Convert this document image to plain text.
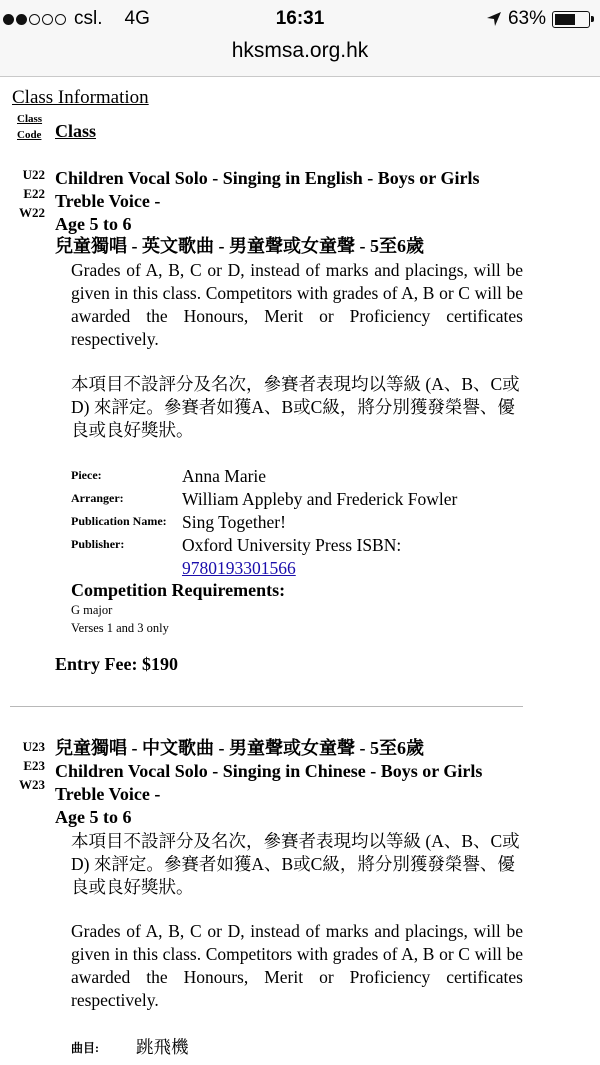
csl. 4G	16:31	63%
hksmsa.org.hk
Class Information
Class
Code Class
U22
E22
W22
Children Vocal Solo - Singing in English - Boys or Girls
Treble Voice -
Age 5 to 6
兒童獨唱 - 英文歌曲 - 男童聲或女童聲 - 5至6歲
Grades of A, B, C or D, instead of marks and placings, will be given in this class. Competitors with grades of A, B or C will be awarded the Honours, Merit or Proficiency certificates respectively.
本項目不設評分及名次，參賽者表現均以等級 (A、B、C或D) 來評定。參賽者如獲A、B或C級，將分別獲發榮譽、優良或良好獎狀。
Piece:	Anna Marie
Arranger:	William Appleby and Frederick Fowler
Publication Name: Sing Together!
Publisher:	Oxford University Press ISBN:
9780193301566
Competition Requirements:
G major
Verses 1 and 3 only
Entry Fee: $190
U23
E23
W23
兒童獨唱 - 中文歌曲 - 男童聲或女童聲 - 5至6歲
Children Vocal Solo - Singing in Chinese - Boys or Girls
Treble Voice -
Age 5 to 6
本項目不設評分及名次，參賽者表現均以等級 (A、B、C或D) 來評定。參賽者如獲A、B或C級，將分別獲發榮譽、優良或良好獎狀。
Grades of A, B, C or D, instead of marks and placings, will be given in this class. Competitors with grades of A, B or C will be awarded the Honours, Merit or Proficiency certificates respectively.
曲目: 跳飛機
